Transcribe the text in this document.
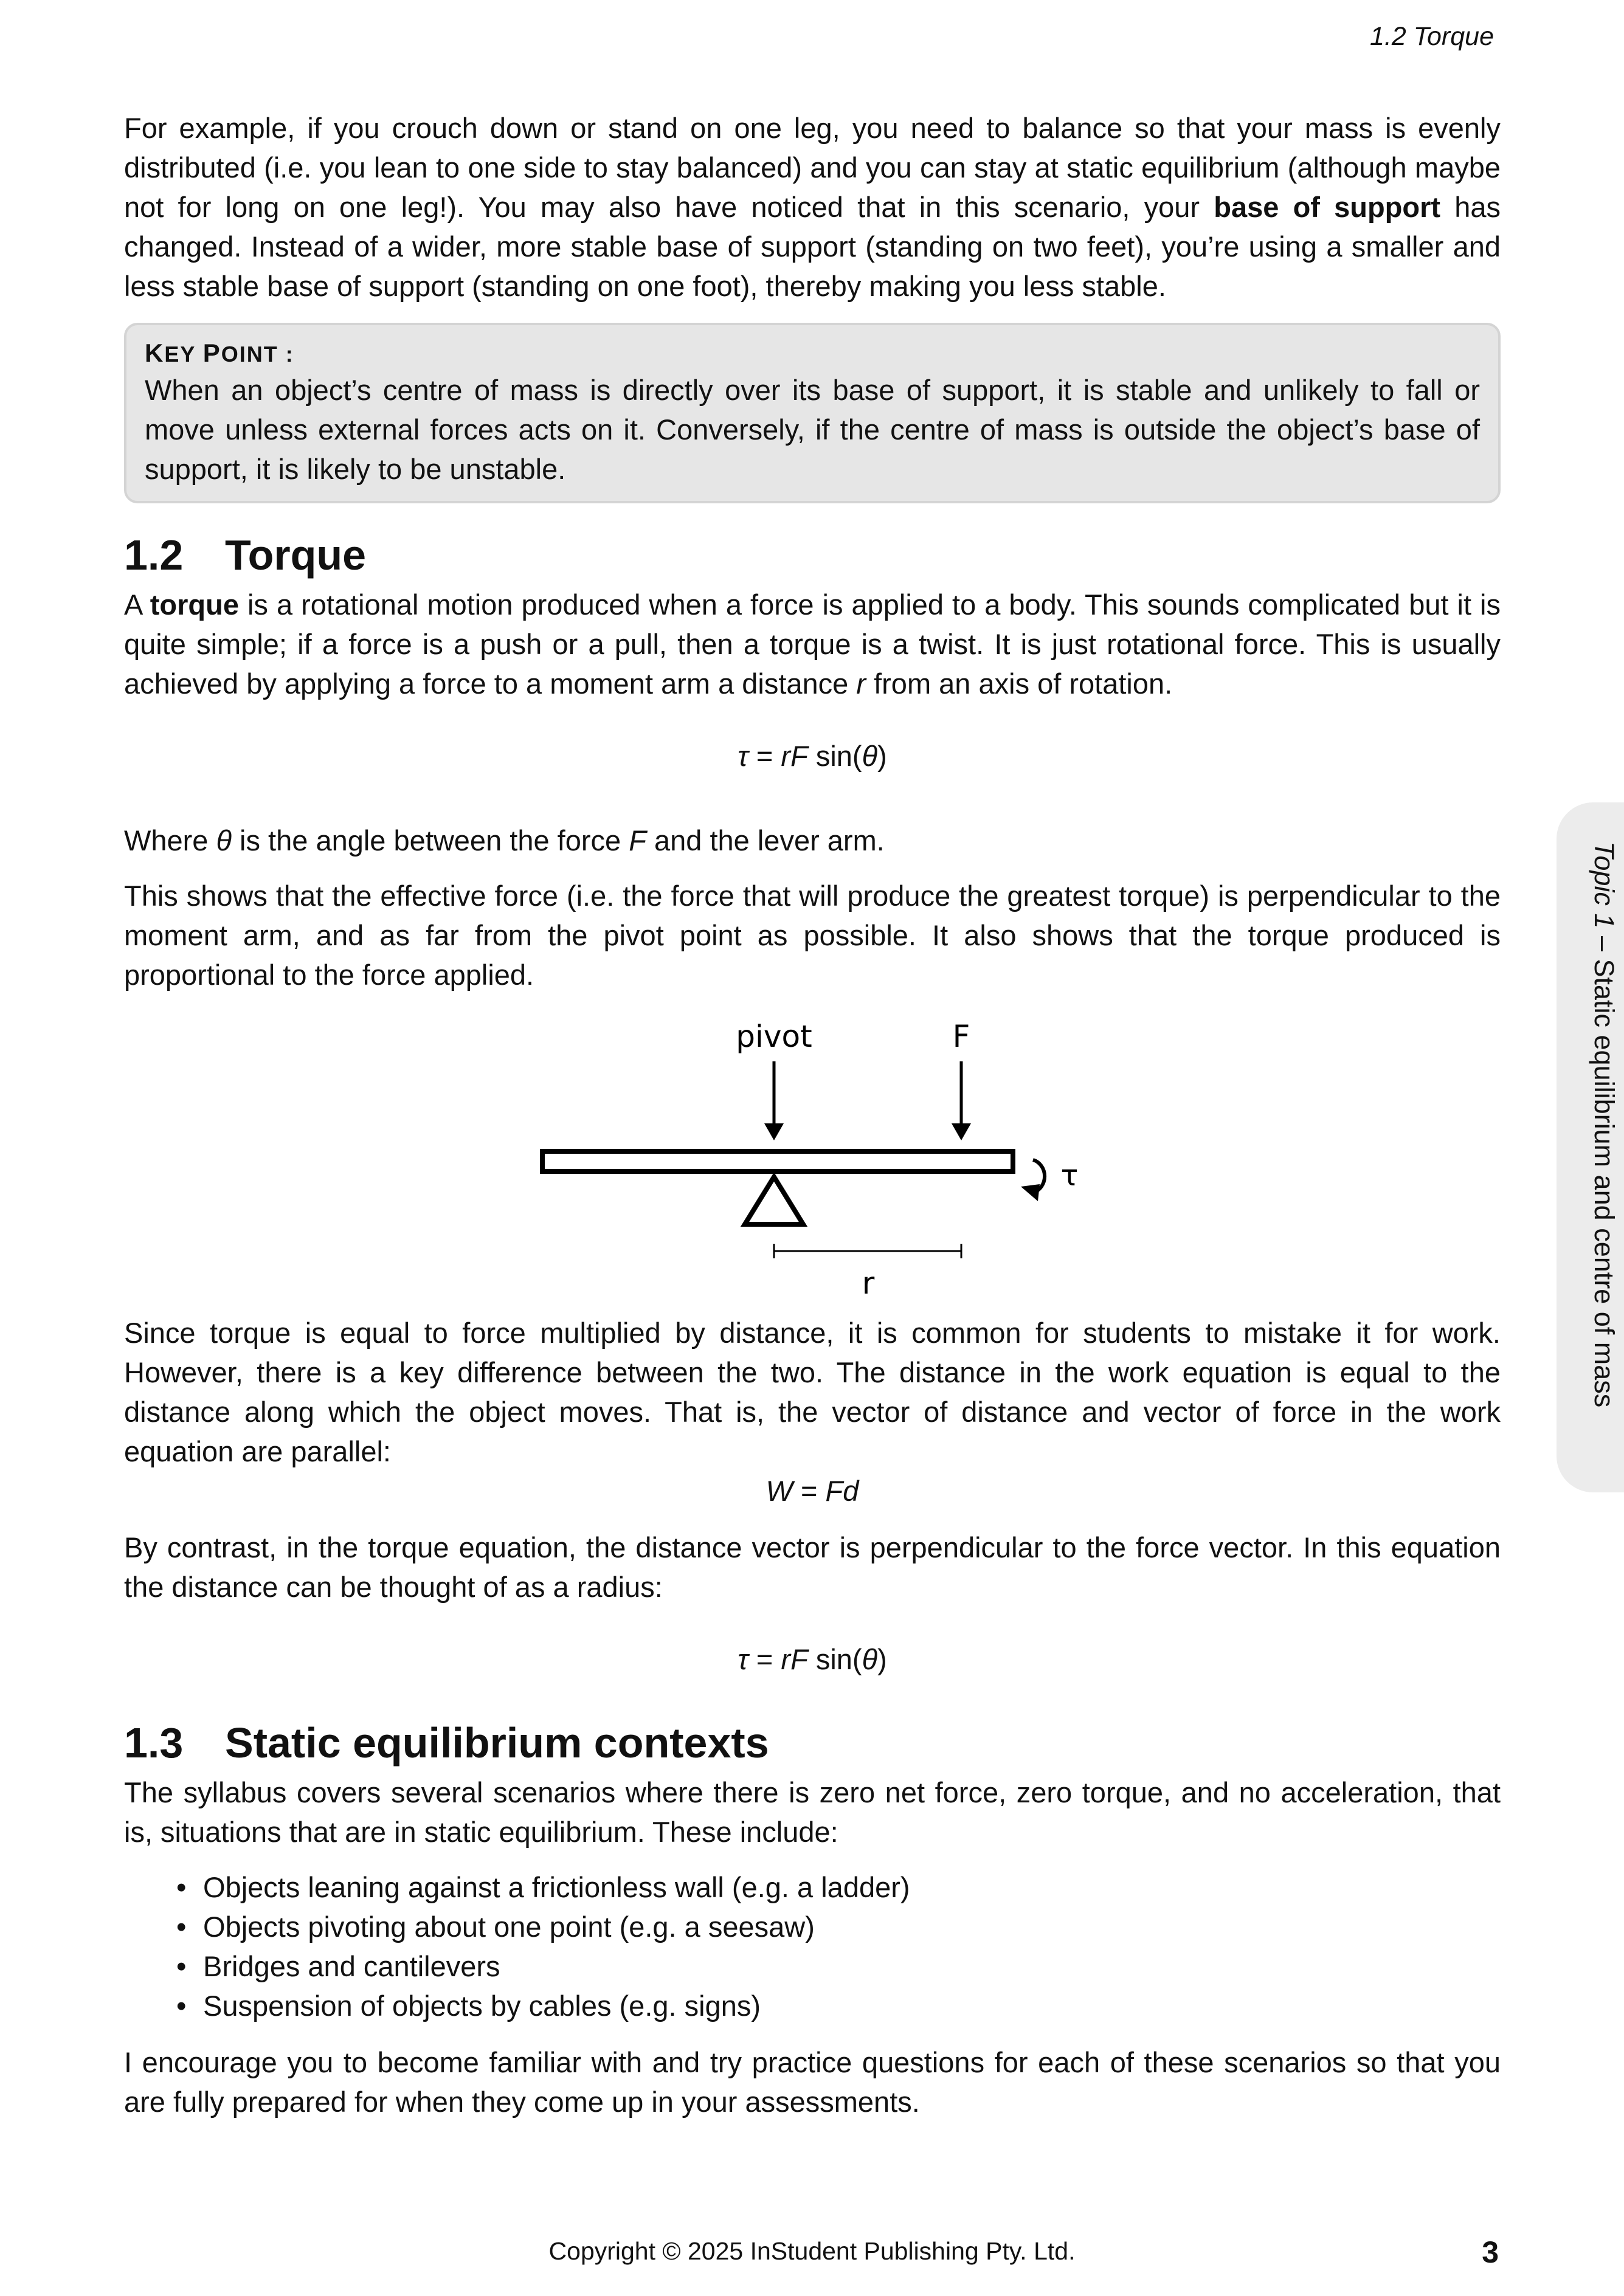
1.2 Torque

For example, if you crouch down or stand on one leg, you need to balance so that your mass is evenly distributed (i.e. you lean to one side to stay balanced) and you can stay at static equilibrium (although maybe not for long on one leg!). You may also have noticed that in this scenario, your base of support has changed. Instead of a wider, more stable base of support (standing on two feet), you’re using a smaller and less stable base of support (standing on one foot), thereby making you less stable.

KEY POINT :

When an object’s centre of mass is directly over its base of support, it is stable and unlikely to fall or move unless external forces acts on it. Conversely, if the centre of mass is outside the object’s base of support, it is likely to be unstable.

1.2 Torque

A torque is a rotational motion produced when a force is applied to a body. This sounds complicated but it is quite simple; if a force is a push or a pull, then a torque is a twist. It is just rotational force. This is usually achieved by applying a force to a moment arm a distance r from an axis of rotation.

τ = rF sin(θ)

Where θ is the angle between the force F and the lever arm.

This shows that the effective force (i.e. the force that will produce the greatest torque) is perpendicular to the moment arm, and as far from the pivot point as possible. It also shows that the torque produced is proportional to the force applied.

pivot	F
τ
r

Since torque is equal to force multiplied by distance, it is common for students to mistake it for work. However, there is a key difference between the two. The distance in the work equation is equal to the distance along which the object moves. That is, the vector of distance and vector of force in the work equation are parallel:

W = Fd

By contrast, in the torque equation, the distance vector is perpendicular to the force vector. In this equation the distance can be thought of as a radius:

τ = rF sin(θ)
1.3 Static equilibrium contexts

The syllabus covers several scenarios where there is zero net force, zero torque, and no acceleration, that is, situations that are in static equilibrium. These include:

• Objects leaning against a frictionless wall (e.g. a ladder)
• Objects pivoting about one point (e.g. a seesaw)
• Bridges and cantilevers
• Suspension of objects by cables (e.g. signs)

I encourage you to become familiar with and try practice questions for each of these scenarios so that you are fully prepared for when they come up in your assessments.

Topic 1 – Static equilibrium and centre of mass
Copyright © 2025 InStudent Publishing Pty. Ltd.	3
